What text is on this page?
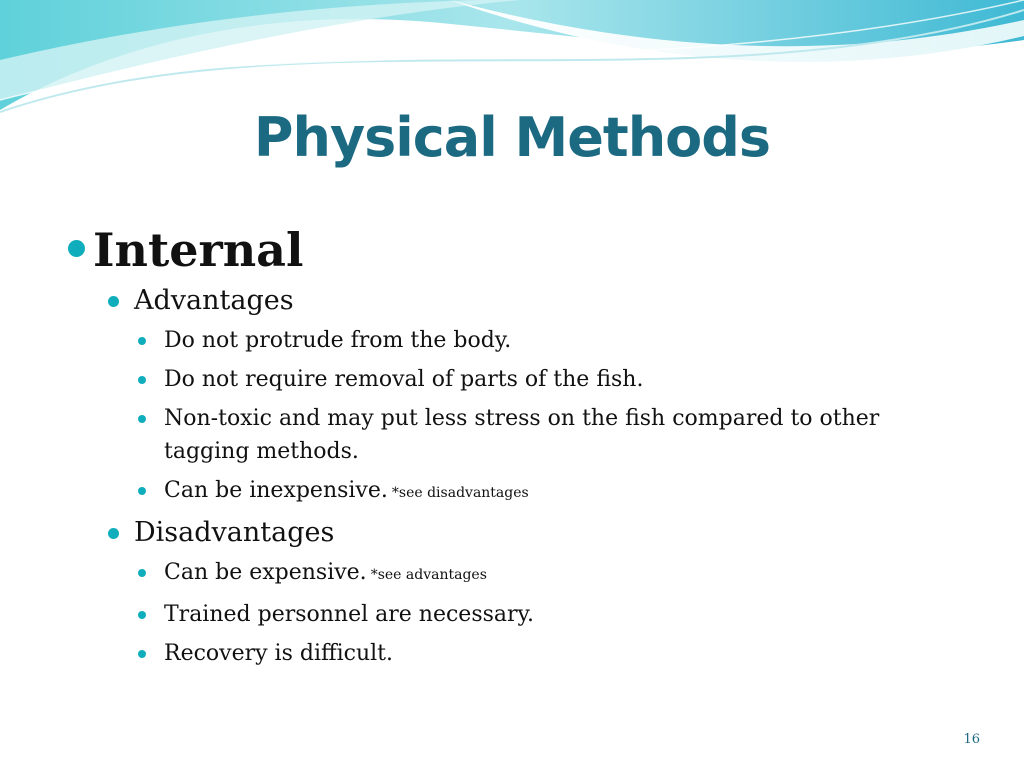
Physical Methods
Internal
Advantages
Do not protrude from the body.
Do not require removal of parts of the fish.
Non-toxic and may put less stress on the fish compared to other tagging methods.
Can be inexpensive. *see disadvantages
Disadvantages
Can be expensive. *see advantages
Trained personnel are necessary.
Recovery is difficult.
16
